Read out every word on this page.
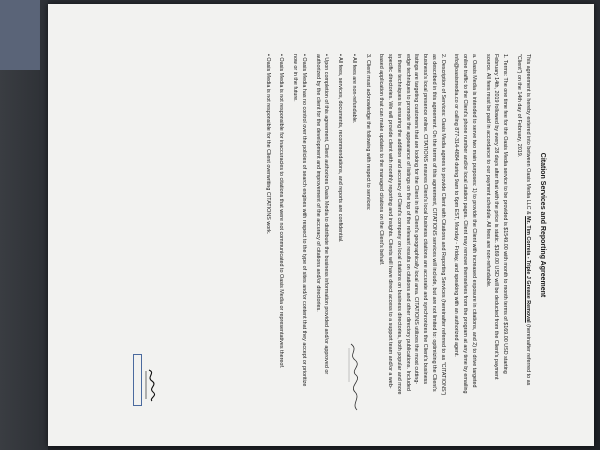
Citation Services and Reporting Agreement

This agreement is hereby entered into between Oasis Media LLC & Mr. Tim Correia - Triple J Grease Removal (hereinafter referred to as "Client") on the 14th day of February, 2019.

1. Terms: The one time fee for the Oasis Media service to be provided is $1549.00 with month to month terms of $169.00 USD starting February 14th, 2019 followed by every 28 days after that with the price is static. $169.00 USD will be deducted from the Client's payment source. All fees must be paid in accordance to our payment schedule. All fees are non-refundable.

a. Oasis Media is intended to serve two main purposes: 1) to provide the Client with increased exposure in citations, and 2) to drive targeted online traffic to the Client's phone number and/or local citation pages. Client may remove themselves from the program at any time by emailing info@oasismedia.co or calling 877-314-4884 during 9am to 6pm EST, Monday - Friday, and speaking with an authorized agent.

2. Description of Services: Oasis Media agrees to provide Client with Citations and Reporting Services (hereinafter referred to as "CITATIONS") as described in this agreement. On the terms of this agreement, CITATIONS services will include, but are not limited to: optimizing the Client's business's local presence online. CITATIONS ensures Client's local business citations are accurate and synchronizes the Client's business listings are targeting customers that are looking for the Client in the Client's geographically local area. CITATIONS utilizes the most cutting-edge techniques to promote the appearance of listings on the top of the relevant results on citations and other directory publications. Included in these techniques is ensuring the addition and accuracy of Client's company on local citations on business directories, both popular and more specific directories. We will provide client with monthly reporting and insights. Clients will have direct access to a support team and/or a web-based application that can make updates to the managed citations on the Client's behalf.

3. Client must acknowledge the following with respect to services:

• All fees are non-refundable.

• All fees, services, documents, recommendations, and reports are confidential.

• Upon completion of this agreement, Client authorizes Oasis Media to distribute the business information provided and/or approved or authorized by the client for the development and improvement of the accuracy of citations and/or directories.

• Oasis Media has no control over the policies of search engines with respect to the type of sites and/or content that they accept or prioritize now or in the future.

• Oasis Media is not responsible for inaccuracies to citations that were not communicated to Oasis Media or representatives thereof.

• Oasis Media is not responsible for the Client overwriting CITATIONS work.
